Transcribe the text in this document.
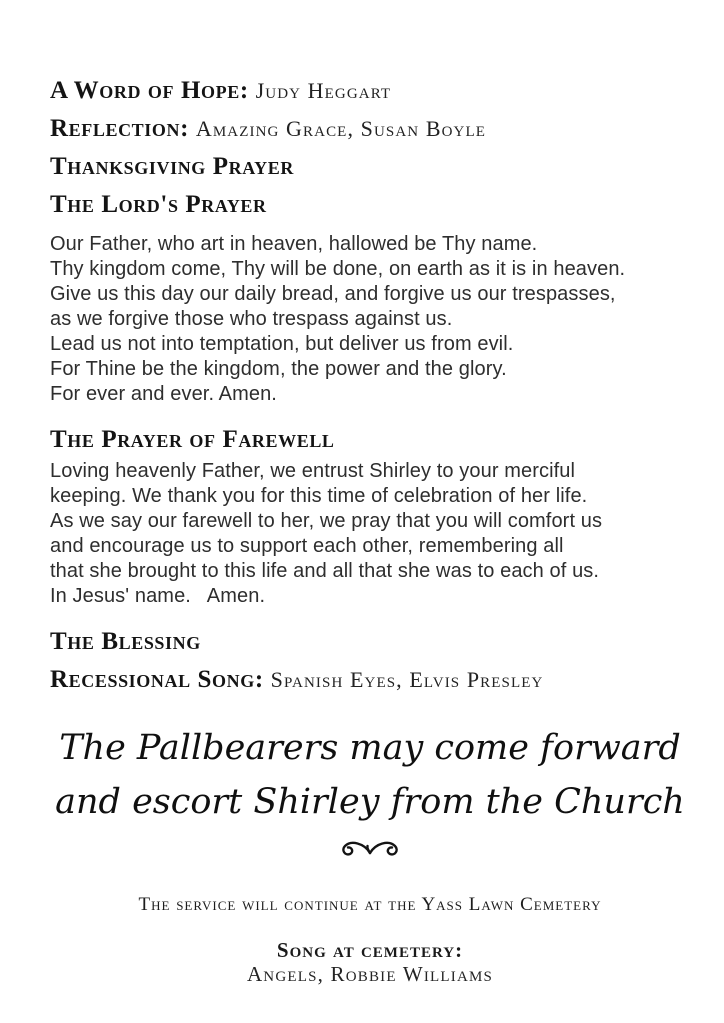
A Word of Hope: Judy Heggart
Reflection: Amazing Grace, Susan Boyle
Thanksgiving Prayer
The Lord's Prayer
Our Father, who art in heaven, hallowed be Thy name.
Thy kingdom come, Thy will be done, on earth as it is in heaven.
Give us this day our daily bread, and forgive us our trespasses,
as we forgive those who trespass against us.
Lead us not into temptation, but deliver us from evil.
For Thine be the kingdom, the power and the glory.
For ever and ever. Amen.
The Prayer of Farewell
Loving heavenly Father, we entrust Shirley to your merciful
keeping. We thank you for this time of celebration of her life.
As we say our farewell to her, we pray that you will comfort us
and encourage us to support each other, remembering all
that she brought to this life and all that she was to each of us.
In Jesus' name.   Amen.
The Blessing
Recessional Song: Spanish Eyes, Elvis Presley
The Pallbearers may come forward
and escort Shirley from the Church
The service will continue at the Yass Lawn Cemetery
Song at cemetery:
Angels, Robbie Williams
